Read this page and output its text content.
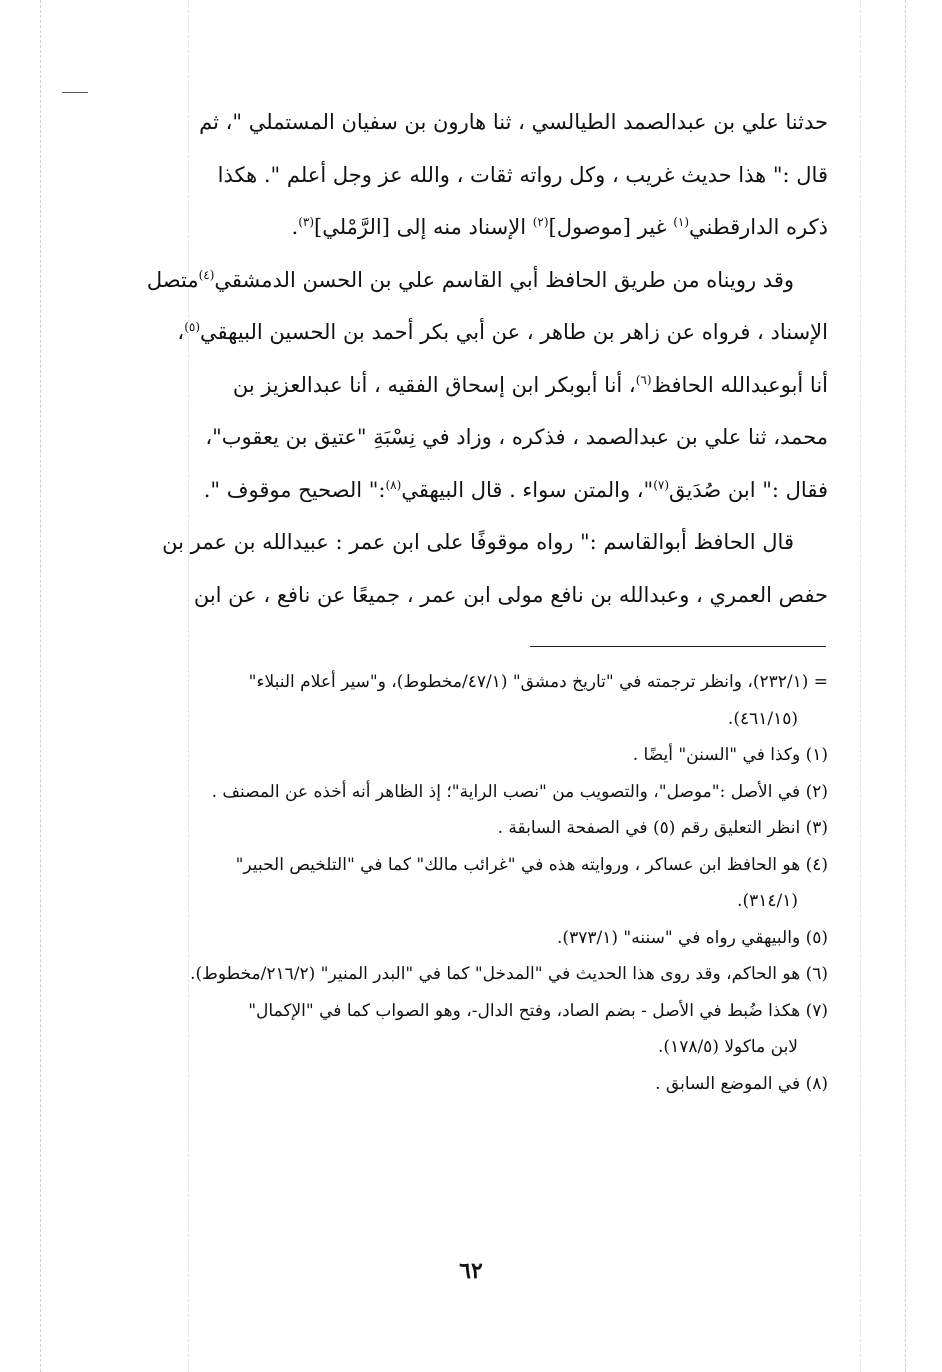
حدثنا علي بن عبدالصمد الطيالسي ، ثنا هارون بن سفيان المستملي "، ثم

قال :" هذا حديث غريب ، وكل رواته ثقات ، والله عز وجل أعلم ". هكذا

ذكره الدارقطني$^{(١)}$ غير [موصول]$^{(٢)}$ الإسناد منه إلى [الرَّمْلي]$^{(٣)}$.

وقد رويناه من طريق الحافظ أبي القاسم علي بن الحسن الدمشقي$^{(٤)}$متصل

الإسناد ، فرواه عن زاهر بن طاهر ، عن أبي بكر أحمد بن الحسين البيهقي$^{(٥)}$،

أنا أبوعبدالله الحافظ$^{(٦)}$، أنا أبوبكر ابن إسحاق الفقيه ، أنا عبدالعزيز بن

محمد، ثنا علي بن عبدالصمد ، فذكره ، وزاد في نِسْبَةِ "عتيق بن يعقوب"،

فقال :" ابن صُدَيق$^{(٧)}$"، والمتن سواء . قال البيهقي$^{(٨)}$:" الصحيح موقوف ".

قال الحافظ أبوالقاسم :" رواه موقوفًا على ابن عمر : عبيدالله بن عمر بن

حفص العمري ، وعبدالله بن نافع مولى ابن عمر ، جميعًا عن نافع ، عن ابن

= (٢٣٢/١)، وانظر ترجمته في "تاريخ دمشق" (٤٧/١/مخطوط)، و"سير أعلام النبلاء"
(٤٦١/١٥).

(١) وكذا في "السنن" أيضًا .

(٢) في الأصل :"موصل"، والتصويب من "نصب الراية"؛ إذ الظاهر أنه أخذه عن المصنف .

(٣) انظر التعليق رقم (٥) في الصفحة السابقة .

(٤) هو الحافظ ابن عساكر ، وروايته هذه في "غرائب مالك" كما في "التلخيص الحبير"
(٣١٤/١).

(٥) والبيهقي رواه في "سننه" (٣٧٣/١).

(٦) هو الحاكم، وقد روى هذا الحديث في "المدخل" كما في "البدر المنير" (٢١٦/٢/مخطوط).

(٧) هكذا ضُبط في الأصل - بضم الصاد، وفتح الدال-، وهو الصواب كما في "الإكمال"
لابن ماكولا (١٧٨/٥).

(٨) في الموضع السابق .

٦٢
